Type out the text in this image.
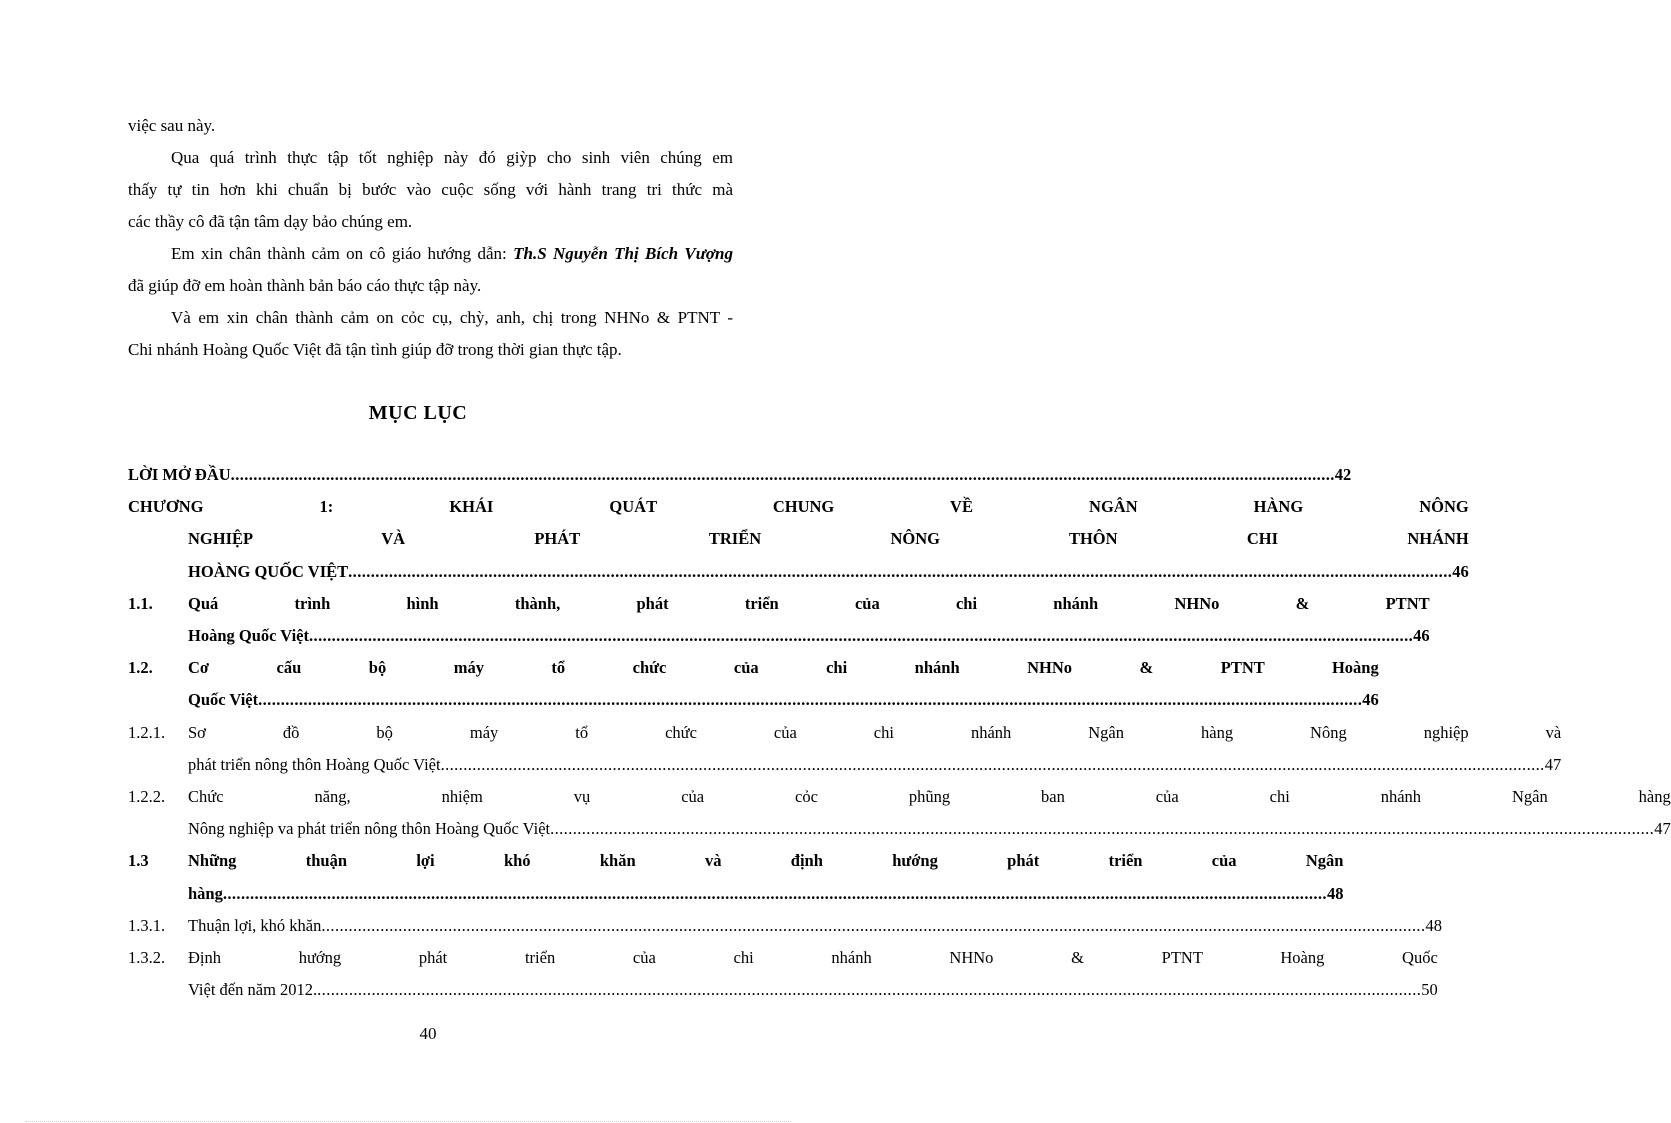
việc sau này.

Qua quá trình thực tập tốt nghiệp này đó giỳp cho sinh viên chúng em

thấy tự tin hơn khi chuẩn bị bước vào cuộc sống với hành trang tri thức mà

các thầy cô đã tận tâm dạy bảo chúng em.

Em xin chân thành cảm on cô giáo hướng dẫn: Th.S Nguyễn Thị Bích Vượng

đã giúp đỡ em hoàn thành bản báo cáo thực tập này.

Và em xin chân thành cảm on cỏc cụ, chỳ, anh, chị trong NHNo & PTNT -

Chi nhánh Hoàng Quốc Việt đã tận tình giúp đỡ trong thời gian thực tập.

MỤC LỤC
LỜI MỞ ĐẦU .....	42
CHƯƠNG 1: KHÁI QUÁT CHUNG VỀ NGÂN HÀNG NÔNG
NGHIỆP VÀ PHÁT TRIỂN NÔNG THÔN CHI NHÁNH
HOÀNG QUỐC VIỆT .....	46
1.1.	Quá trình hình thành, phát triển của chi nhánh NHNo & PTNT
Hoàng Quốc Việt .....	46
1.2.	Cơ cấu bộ máy tổ chức của chi nhánh NHNo & PTNT Hoàng
Quốc Việt .....	46
1.2.1.	Sơ đồ bộ máy tổ chức của chi nhánh Ngân hàng Nông nghiệp và
phát triển nông thôn Hoàng Quốc Việt .....	47
1.2.2.	Chức năng, nhiệm vụ của cỏc phũng ban của chi nhánh Ngân hàng
Nông nghiệp va phát triển nông thôn Hoàng Quốc Việt .....	47
1.3	Những thuận lợi khó khăn và định hướng phát triển của Ngân
hàng .....	48
1.3.1.	Thuận lợi, khó khăn .....	48
1.3.2.	Định hướng phát triển của chi nhánh NHNo & PTNT Hoàng Quốc
Việt đến năm 2012. .....	50
40
